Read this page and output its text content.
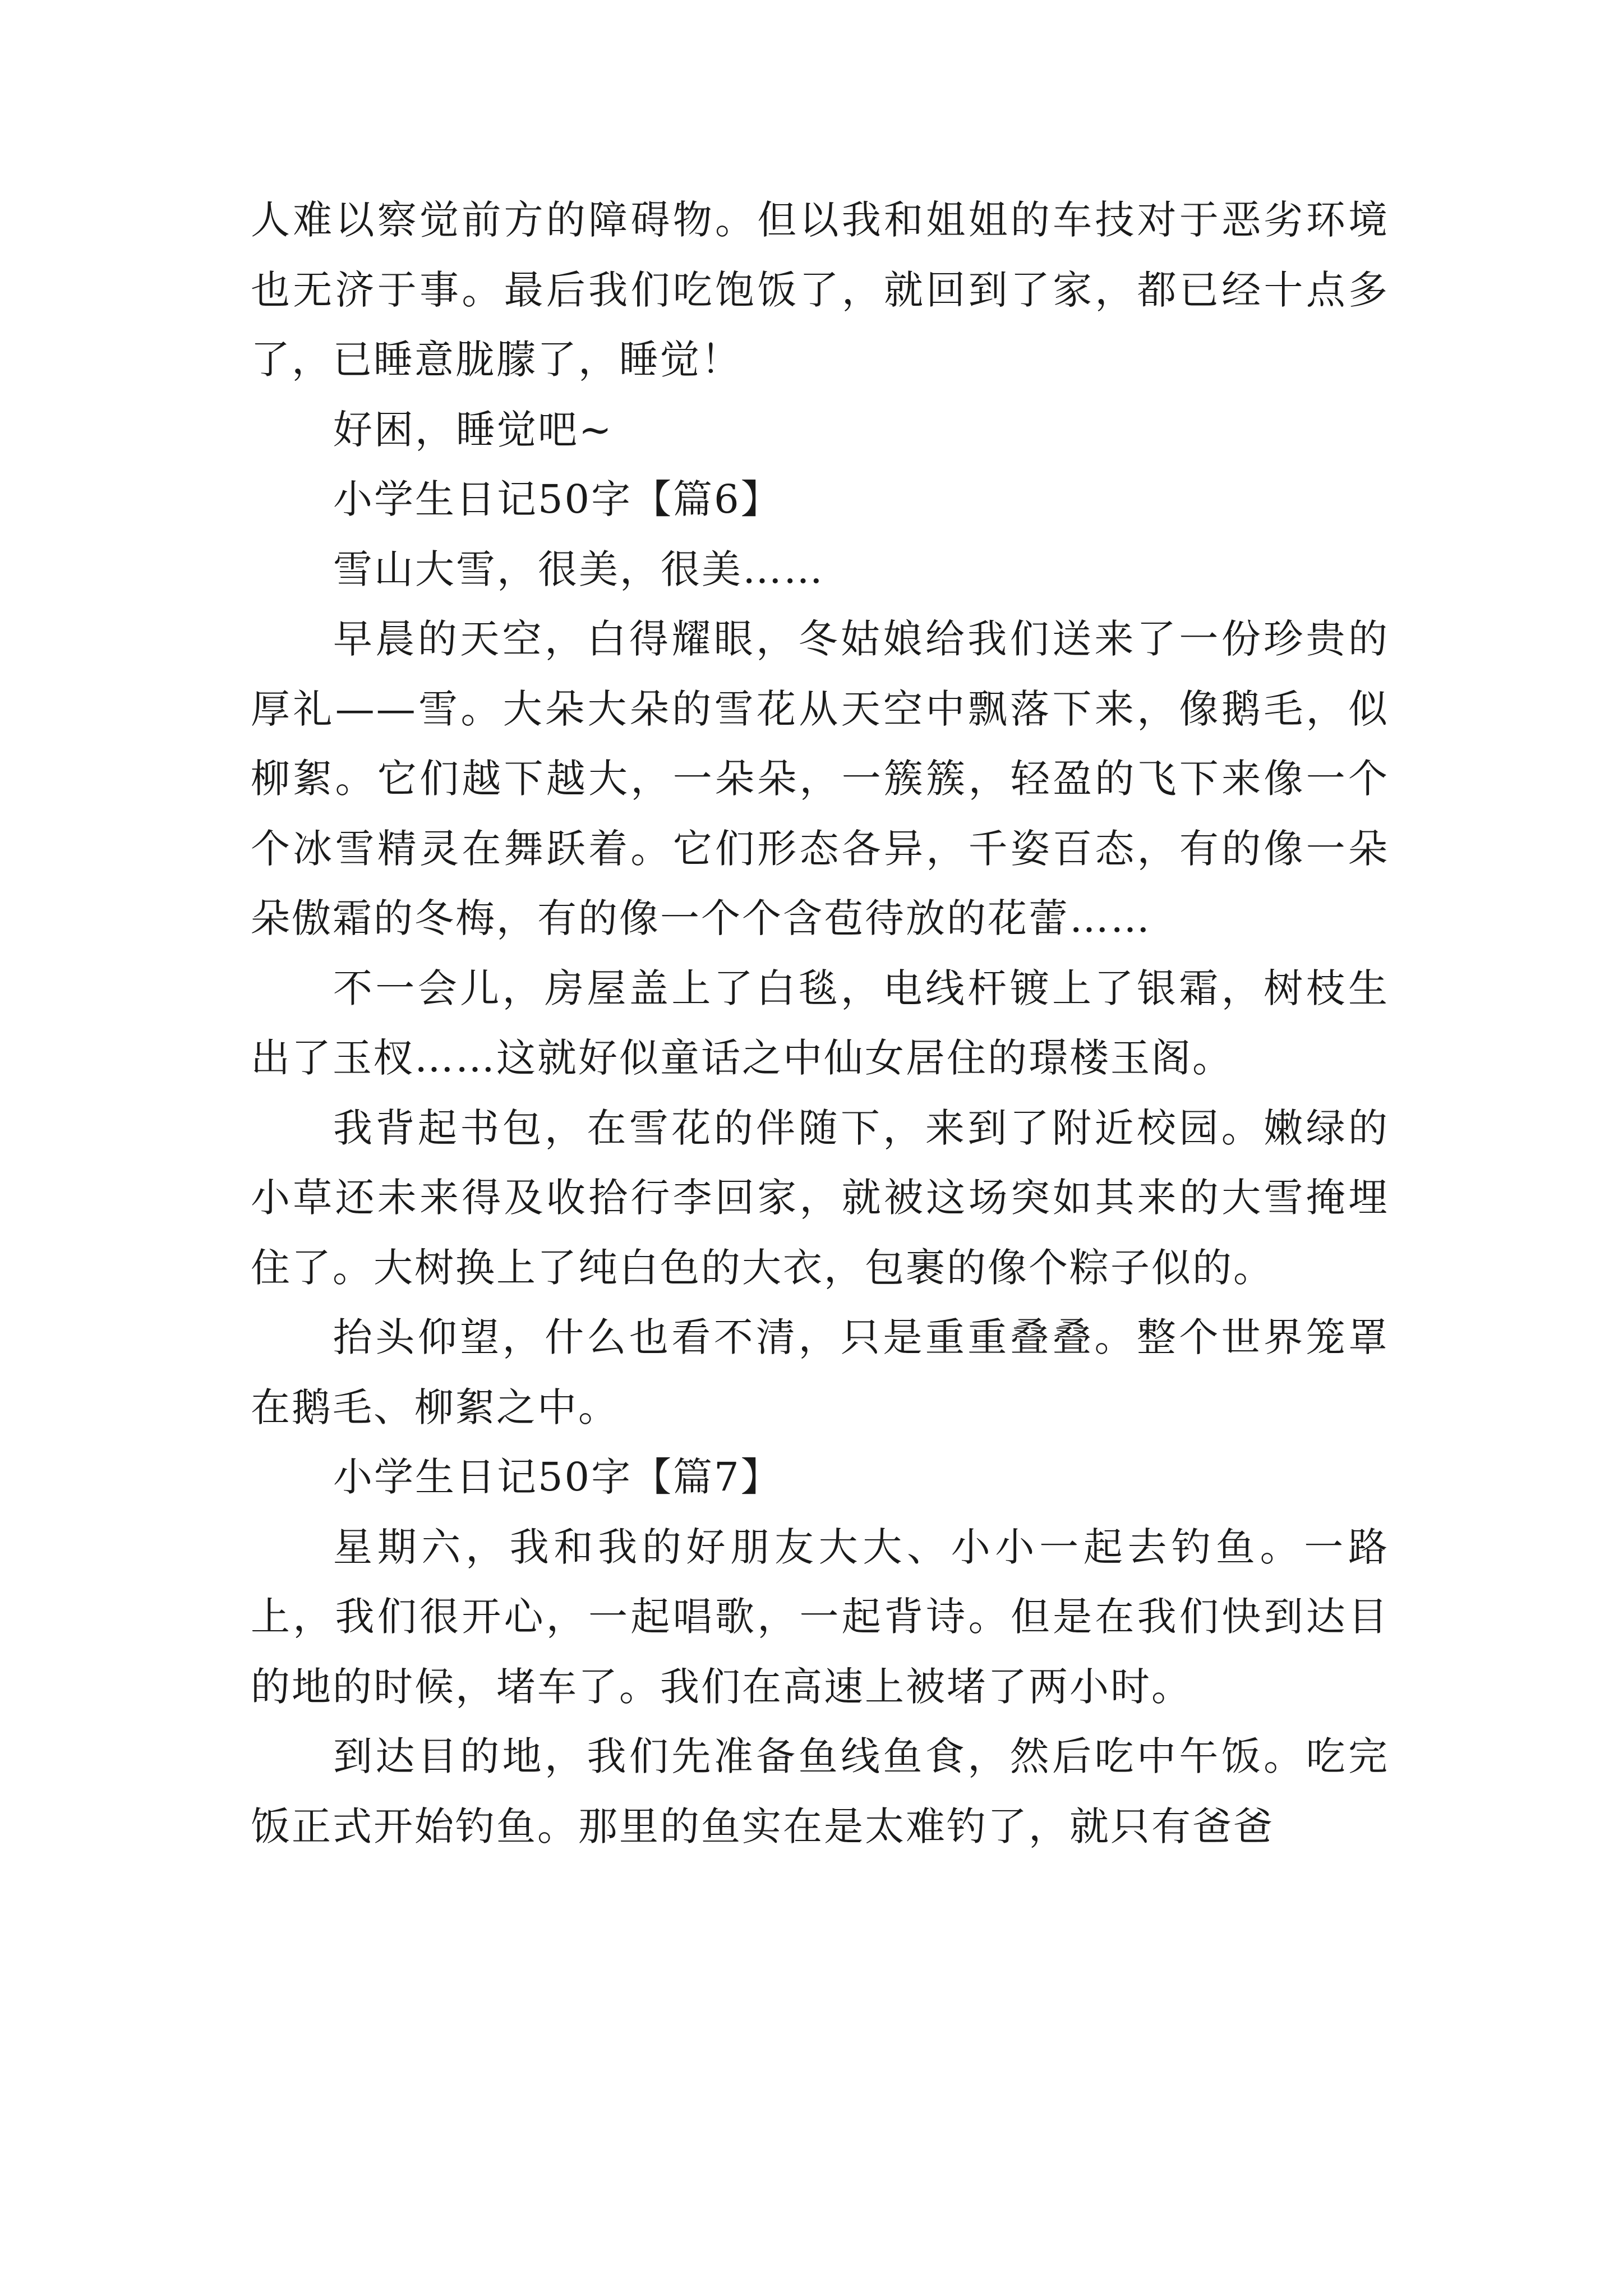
人难以察觉前方的障碍物。但以我和姐姐的车技对于恶劣环境也无济于事。最后我们吃饱饭了，就回到了家，都已经十点多了，已睡意胧朦了，睡觉！

好困，睡觉吧~

小学生日记50字【篇6】

雪山大雪，很美，很美……

早晨的天空，白得耀眼，冬姑娘给我们送来了一份珍贵的厚礼——雪。大朵大朵的雪花从天空中飘落下来，像鹅毛，似柳絮。它们越下越大，一朵朵，一簇簇，轻盈的飞下来像一个个冰雪精灵在舞跃着。它们形态各异，千姿百态，有的像一朵朵傲霜的冬梅，有的像一个个含苞待放的花蕾……

不一会儿，房屋盖上了白毯，电线杆镀上了银霜，树枝生出了玉杈……这就好似童话之中仙女居住的璟楼玉阁。

我背起书包，在雪花的伴随下，来到了附近校园。嫩绿的小草还未来得及收拾行李回家，就被这场突如其来的大雪掩埋住了。大树换上了纯白色的大衣，包裹的像个粽子似的。

抬头仰望，什么也看不清，只是重重叠叠。整个世界笼罩在鹅毛、柳絮之中。

小学生日记50字【篇7】

星期六，我和我的好朋友大大、小小一起去钓鱼。一路上，我们很开心，一起唱歌，一起背诗。但是在我们快到达目的地的时候，堵车了。我们在高速上被堵了两小时。

到达目的地，我们先准备鱼线鱼食，然后吃中午饭。吃完饭正式开始钓鱼。那里的鱼实在是太难钓了，就只有爸爸
